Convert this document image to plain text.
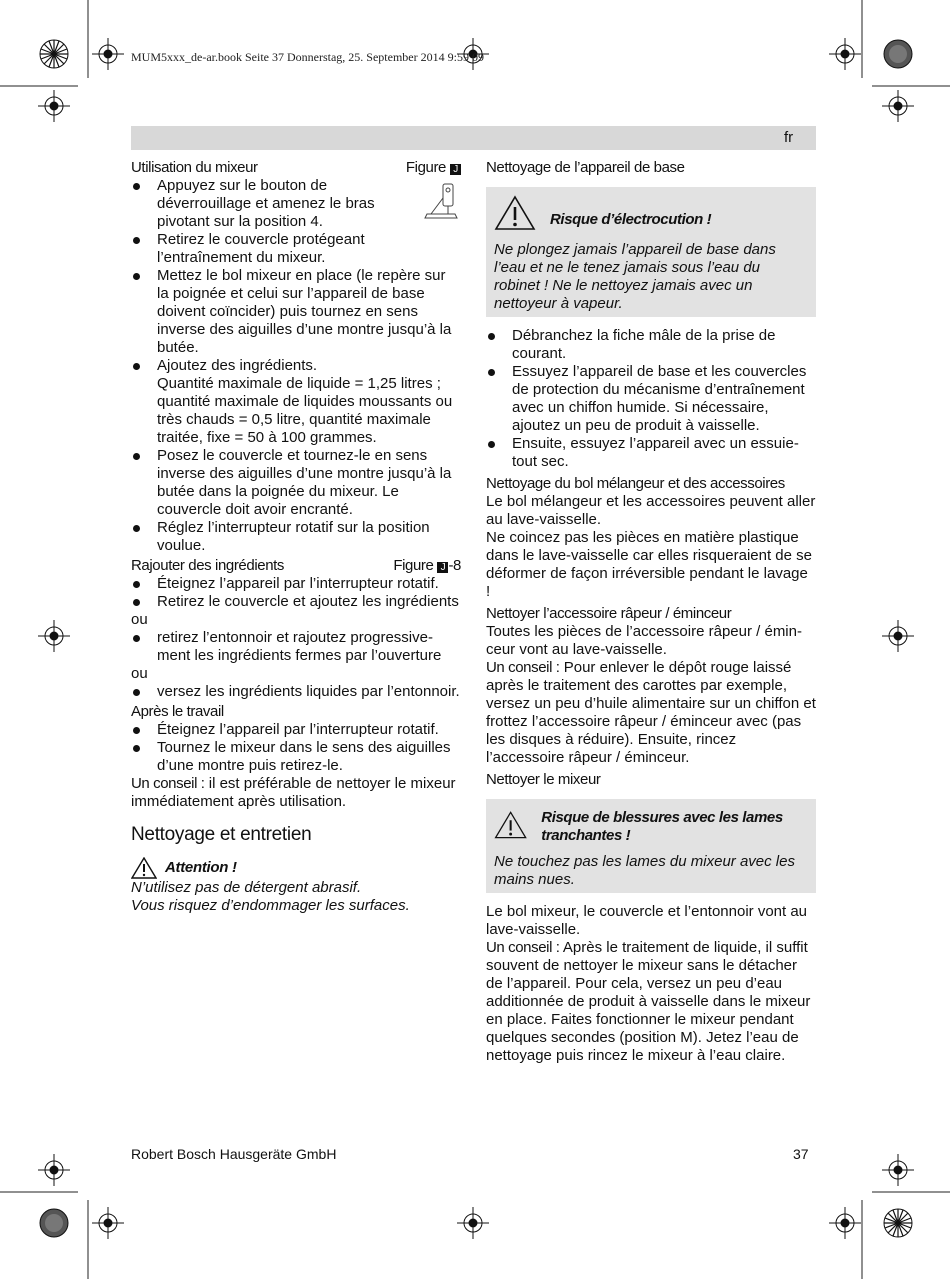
MUM5xxx_de-ar.book Seite 37 Donnerstag, 25. September 2014 9:59 09
fr
Utilisation du mixeur	Figure J
Appuyez sur le bouton de déverrouillage et amenez le bras pivotant sur la position 4.
Retirez le couvercle protégeant l’entraînement du mixeur.
Mettez le bol mixeur en place (le repère sur la poignée et celui sur l’appareil de base doivent coïncider) puis tournez en sens inverse des aiguilles d’une montre jusqu’à la butée.
Ajoutez des ingrédients.
Quantité maximale de liquide = 1,25 litres ; quantité maximale de liquides moussants ou très chauds = 0,5 litre, quantité maximale traitée, fixe = 50 à 100 grammes.
Posez le couvercle et tournez-le en sens inverse des aiguilles d’une montre jusqu’à la butée dans la poignée du mixeur. Le couvercle doit avoir encranté.
Réglez l’interrupteur rotatif sur la position voulue.
Rajouter des ingrédients	Figure J -8
Éteignez l’appareil par l’interrupteur rotatif.
Retirez le couvercle et ajoutez les ingrédients

ou

retirez l’entonnoir et rajoutez progressivement les ingrédients fermes par l’ouverture

ou

versez les ingrédients liquides par l’entonnoir.

Après le travail

Éteignez l’appareil par l’interrupteur rotatif.
Tournez le mixeur dans le sens des aiguilles d’une montre puis retirez-le.

Un conseil : il est préférable de nettoyer le mixeur immédiatement après utilisation.

Nettoyage et entretien
Attention !

N’utilisez pas de détergent abrasif.
Vous risquez d’endommager les surfaces.

Nettoyage de l’appareil de base

Risque d’électrocution !

Ne plongez jamais l’appareil de base dans l’eau et ne le tenez jamais sous l’eau du robinet ! Ne le nettoyez jamais avec un nettoyeur à vapeur.

Débranchez la fiche mâle de la prise de courant.
Essuyez l’appareil de base et les couvercles de protection du mécanisme d’entraînement avec un chiffon humide. Si nécessaire, ajoutez un peu de produit à vaisselle.
Ensuite, essuyez l’appareil avec un essuie-tout sec.

Nettoyage du bol mélangeur et des accessoires

Le bol mélangeur et les accessoires peuvent aller au lave-vaisselle.

Ne coincez pas les pièces en matière plastique dans le lave-vaisselle car elles risqueraient de se déformer de façon irréversible pendant le lavage !

Nettoyer l’accessoire râpeur / éminceur

Toutes les pièces de l’accessoire râpeur / éminceur vont au lave-vaisselle.

Un conseil : Pour enlever le dépôt rouge laissé après le traitement des carottes par exemple, versez un peu d’huile alimentaire sur un chiffon et frottez l’accessoire râpeur / éminceur avec (pas les disques à réduire). Ensuite, rincez l’accessoire râpeur / éminceur.

Nettoyer le mixeur

Risque de blessures avec les lames tranchantes !

Ne touchez pas les lames du mixeur avec les mains nues.

Le bol mixeur, le couvercle et l’entonnoir vont au lave-vaisselle.

Un conseil : Après le traitement de liquide, il suffit souvent de nettoyer le mixeur sans le détacher de l’appareil. Pour cela, versez un peu d’eau additionnée de produit à vaisselle dans le mixeur en place. Faites fonctionner le mixeur pendant quelques secondes (position M). Jetez l’eau de nettoyage puis rincez le mixeur à l’eau claire.

Robert Bosch Hausgeräte GmbH	37
